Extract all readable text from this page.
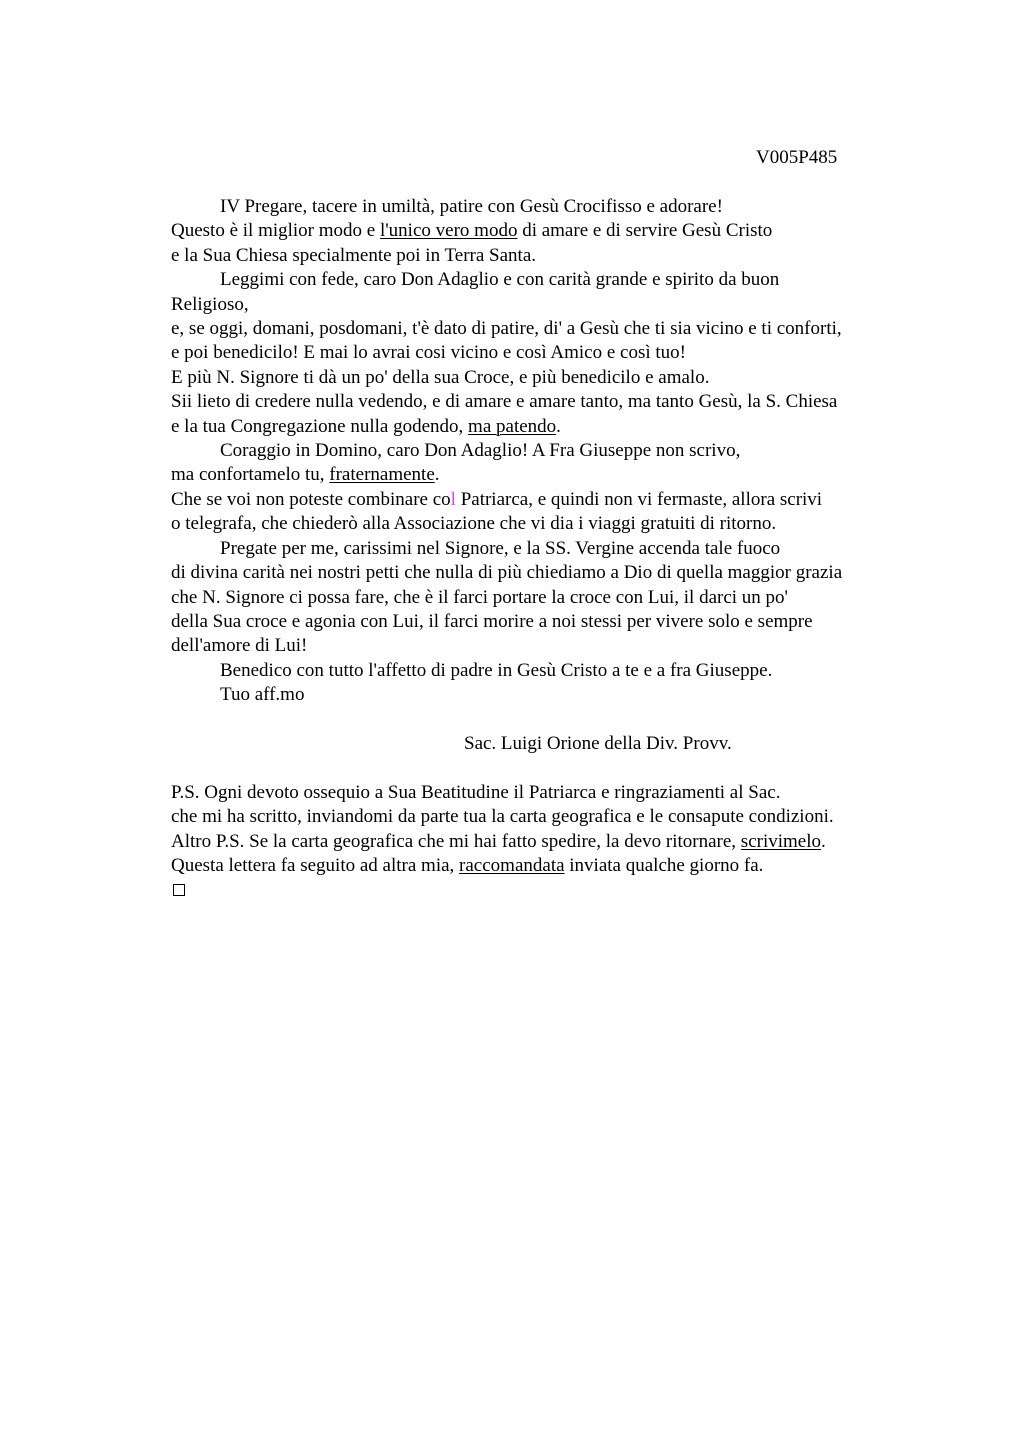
V005P485
IV Pregare, tacere in umiltà, patire con Gesù Crocifisso e adorare!
Questo è il miglior modo e l'unico vero modo di amare e di servire Gesù Cristo
e la Sua Chiesa specialmente poi in Terra Santa.
Leggimi con fede, caro Don Adaglio e con carità grande e spirito da buon
Religioso,
e, se oggi, domani, posdomani, t'è dato di patire, di' a Gesù che ti sia vicino e ti conforti,
e poi benedicilo! E mai lo avrai cosi vicino e così Amico e così tuo!
E più N. Signore ti dà un po' della sua Croce, e più benedicilo e amalo.
Sii lieto di credere nulla vedendo, e di amare e amare tanto, ma tanto Gesù, la S. Chiesa
e la tua Congregazione nulla godendo, ma patendo.
Coraggio in Domino, caro Don Adaglio! A Fra Giuseppe non scrivo,
ma confortamelo tu, fraternamente.
Che se voi non poteste combinare col Patriarca, e quindi non vi fermaste, allora scrivi
o telegrafa, che chiederò alla Associazione che vi dia i viaggi gratuiti di ritorno.
Pregate per me, carissimi nel Signore, e la SS. Vergine accenda tale fuoco
di divina carità nei nostri petti che nulla di più chiediamo a Dio di quella maggior grazia
che N. Signore ci possa fare, che è il farci portare la croce con Lui, il darci un po'
della Sua croce e agonia con Lui, il farci morire a noi stessi per vivere solo e sempre
dell'amore di Lui!
Benedico con tutto l'affetto di padre in Gesù Cristo a te e a fra Giuseppe.
Tuo aff.mo
Sac. Luigi Orione della Div. Provv.
P.S. Ogni devoto ossequio a Sua Beatitudine il Patriarca e ringraziamenti al Sac.
che mi ha scritto, inviandomi da parte tua la carta geografica e le consapute condizioni.
Altro P.S. Se la carta geografica che mi hai fatto spedire, la devo ritornare, scrivimelo.
Questa lettera fa seguito ad altra mia, raccomandata inviata qualche giorno fa.
